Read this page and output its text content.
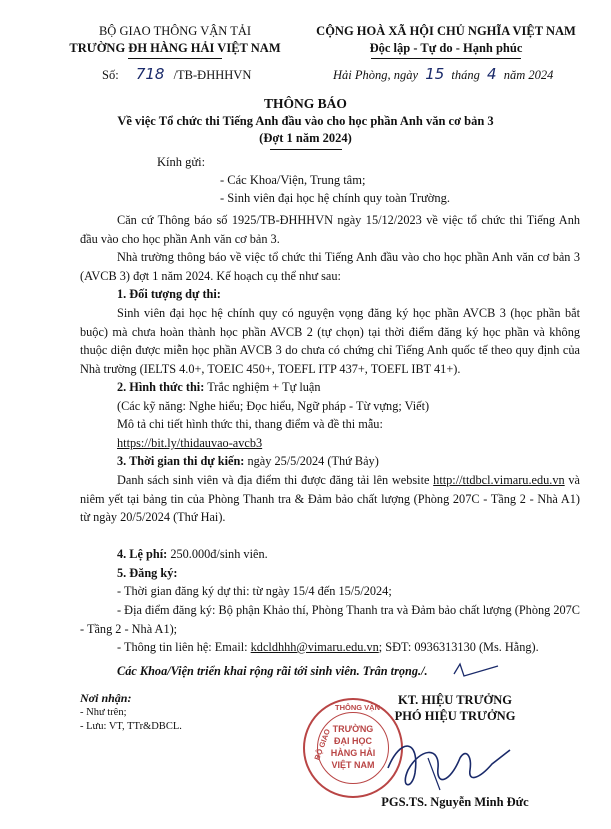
BỘ GIAO THÔNG VẬN TẢI
TRƯỜNG ĐH HÀNG HẢI VIỆT NAM
Số: 718 /TB-ĐHHHVN
CỘNG HOÀ XÃ HỘI CHỦ NGHĨA VIỆT NAM
Độc lập - Tự do - Hạnh phúc
Hải Phòng, ngày 15 tháng 4 năm 2024
THÔNG BÁO
Về việc Tổ chức thi Tiếng Anh đầu vào cho học phần Anh văn cơ bản 3
(Đợt 1 năm 2024)
Kính gửi:
- Các Khoa/Viện, Trung tâm;
- Sinh viên đại học hệ chính quy toàn Trường.
Căn cứ Thông báo số 1925/TB-ĐHHHVN ngày 15/12/2023 về việc tổ chức thi Tiếng Anh đầu vào cho học phần Anh văn cơ bản 3.
Nhà trường thông báo về việc tổ chức thi Tiếng Anh đầu vào cho học phần Anh văn cơ bản 3 (AVCB 3) đợt 1 năm 2024. Kế hoạch cụ thể như sau:
1. Đối tượng dự thi:
Sinh viên đại học hệ chính quy có nguyện vọng đăng ký học phần AVCB 3 (học phần bắt buộc) mà chưa hoàn thành học phần AVCB 2 (tự chọn) tại thời điểm đăng ký học phần và không thuộc diện được miễn học phần AVCB 3 do chưa có chứng chỉ Tiếng Anh quốc tế theo quy định của Nhà trường (IELTS 4.0+, TOEIC 450+, TOEFL ITP 437+, TOEFL IBT 41+).
2. Hình thức thi: Trắc nghiệm + Tự luận
(Các kỹ năng: Nghe hiểu; Đọc hiểu, Ngữ pháp - Từ vựng; Viết)
Mô tả chi tiết hình thức thi, thang điểm và đề thi mẫu:
https://bit.ly/thidauvao-avcb3
3. Thời gian thi dự kiến: ngày 25/5/2024 (Thứ Bảy)
Danh sách sinh viên và địa điểm thi được đăng tải lên website http://ttdbcl.vimaru.edu.vn và niêm yết tại bảng tin của Phòng Thanh tra & Đảm bảo chất lượng (Phòng 207C - Tầng 2 - Nhà A1) từ ngày 20/5/2024 (Thứ Hai).
4. Lệ phí: 250.000đ/sinh viên.
5. Đăng ký:
- Thời gian đăng ký dự thi: từ ngày 15/4 đến 15/5/2024;
- Địa điểm đăng ký: Bộ phận Khảo thí, Phòng Thanh tra và Đảm bảo chất lượng (Phòng 207C - Tầng 2 - Nhà A1);
- Thông tin liên hệ: Email: kdcldhhh@vimaru.edu.vn; SĐT: 0936313130 (Ms. Hằng).
Các Khoa/Viện triển khai rộng rãi tới sinh viên. Trân trọng./.
Nơi nhận:
- Như trên;
- Lưu: VT, TTr&DBCL.
THÔNG VẬN
BỘ GIAO TRƯỜNG
ĐẠI HỌC
HÀNG HẢI
VIỆT NAM
KT. HIỆU TRƯỞNG
PHÓ HIỆU TRƯỞNG
PGS.TS. Nguyễn Minh Đức
